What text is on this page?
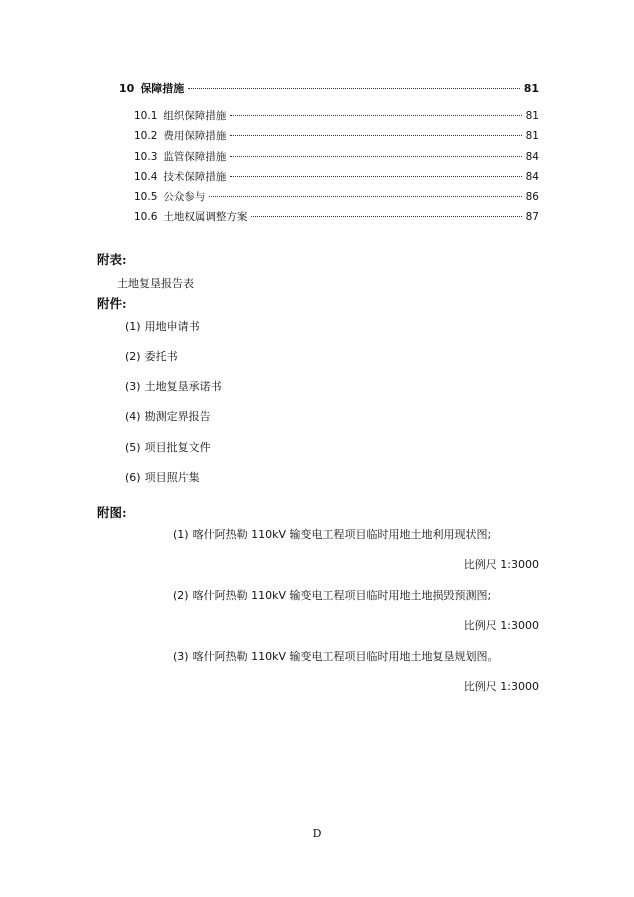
10 保障措施	81
10.1 组织保障措施	81
10.2 费用保障措施	81
10.3 监管保障措施	84
10.4 技术保障措施	84
10.5 公众参与	86
10.6 土地权属调整方案	87
附表:
土地复垦报告表
附件:
(1) 用地申请书
(2) 委托书
(3) 土地复垦承诺书
(4) 勘测定界报告
(5) 项目批复文件
(6) 项目照片集
附图:
(1) 喀什阿热勒 110kV 输变电工程项目临时用地土地利用现状图;
比例尺 1:3000
(2) 喀什阿热勒 110kV 输变电工程项目临时用地土地损毁预测图;
比例尺 1:3000
(3) 喀什阿热勒 110kV 输变电工程项目临时用地土地复垦规划图。
比例尺 1:3000
D
